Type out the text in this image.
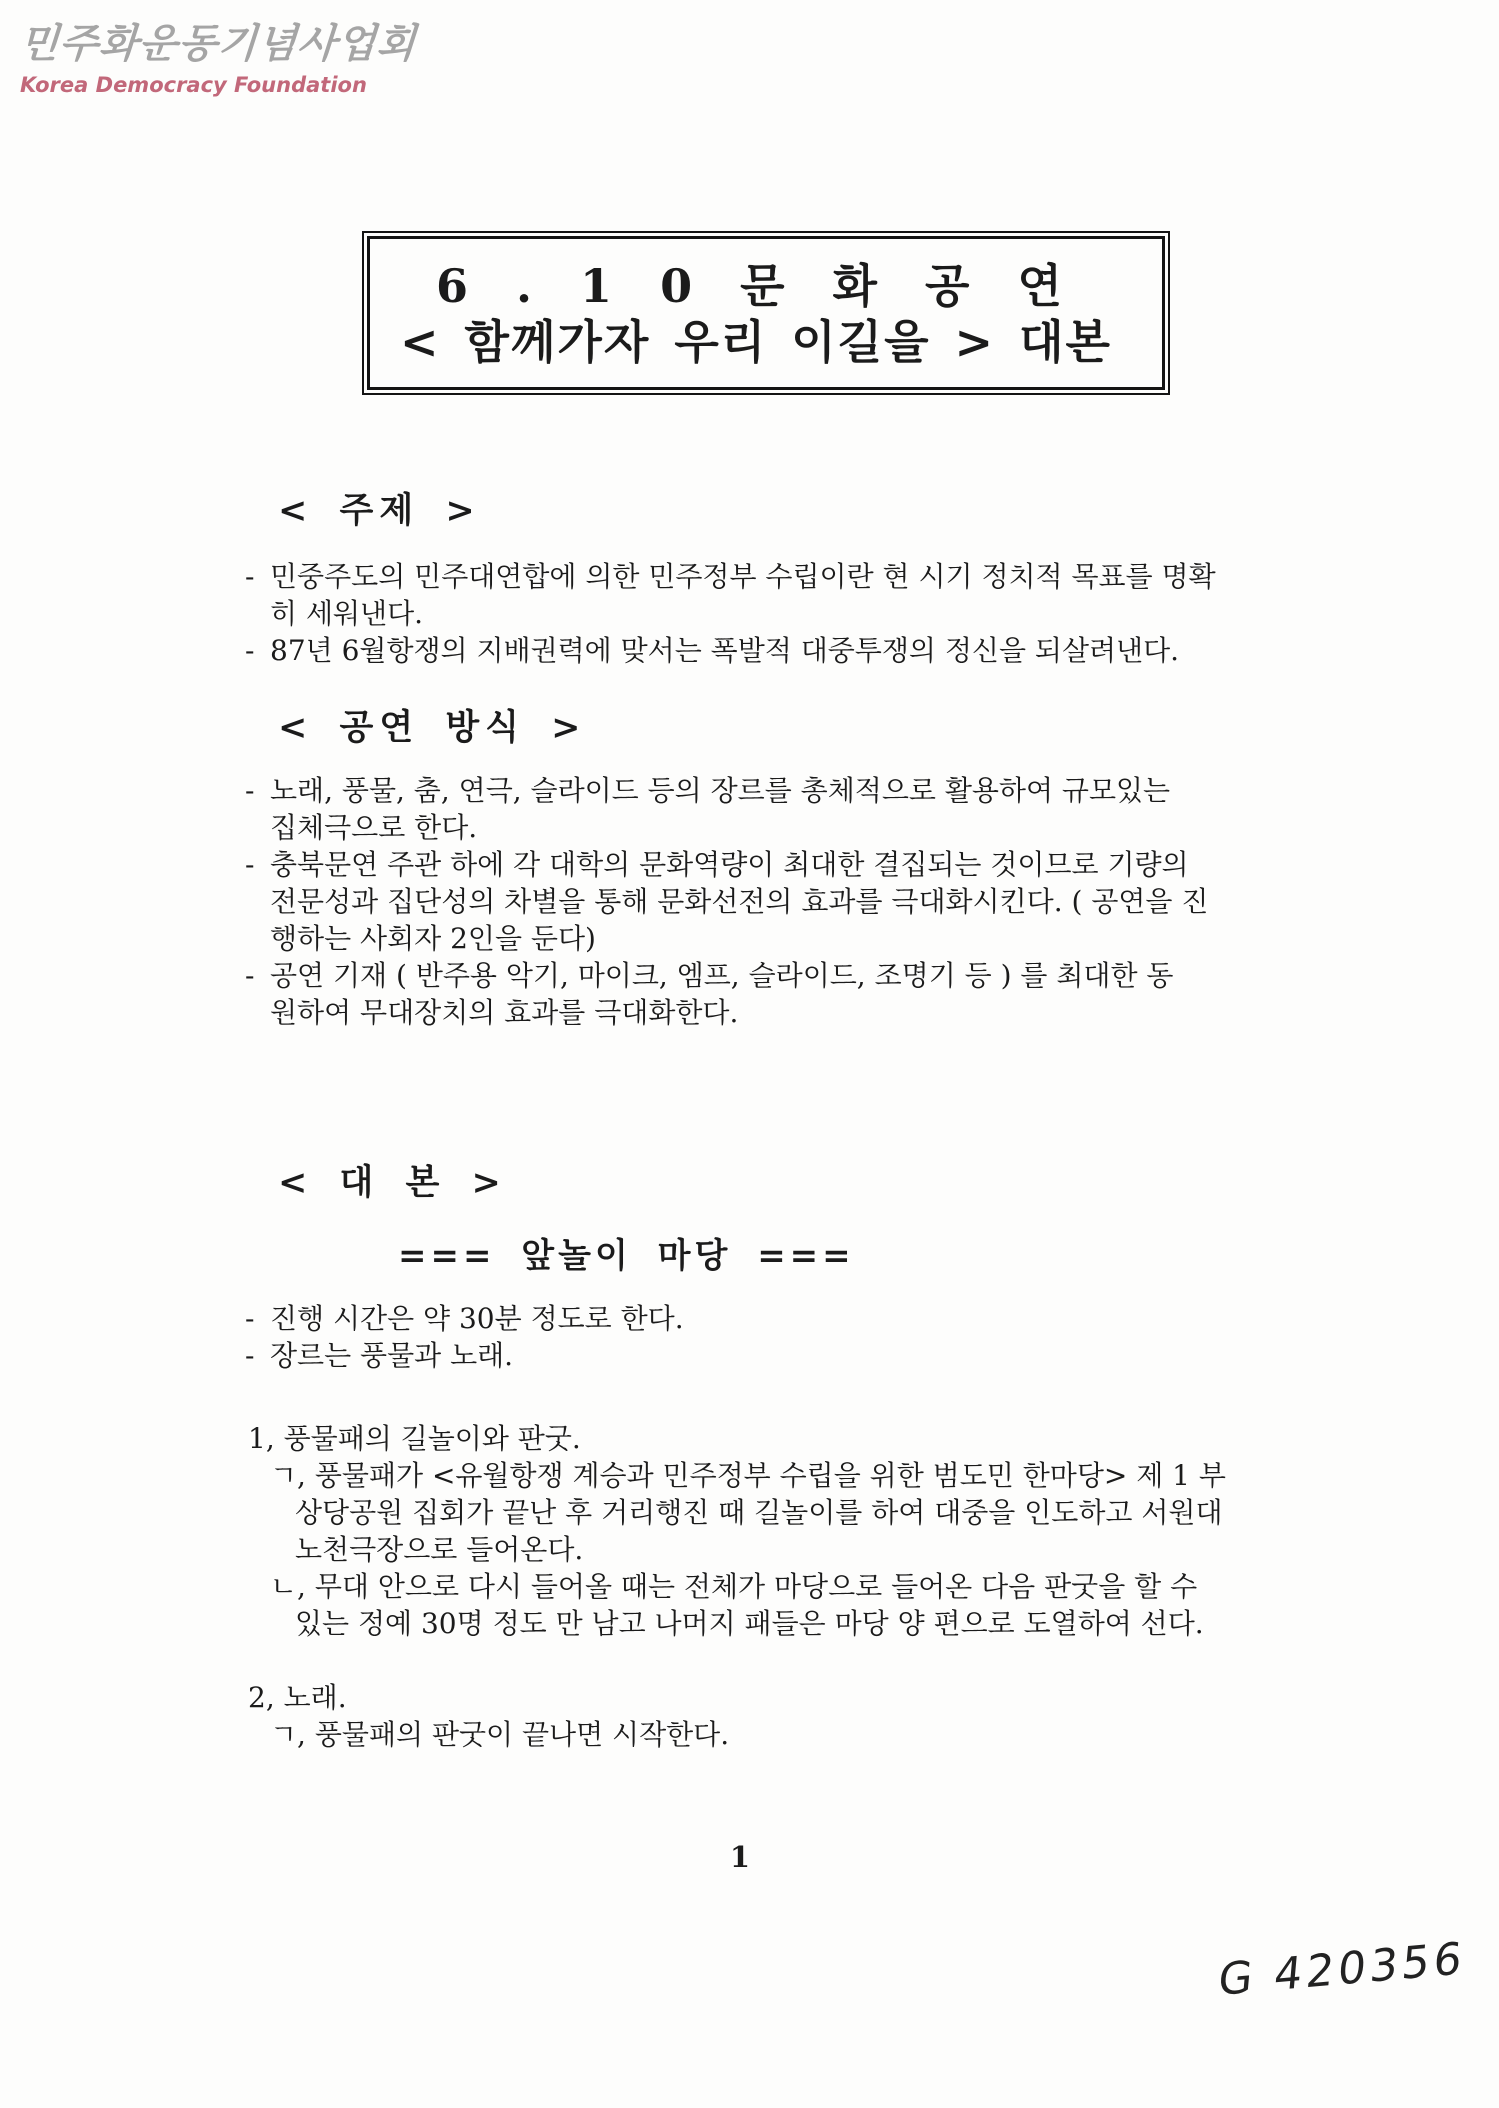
민주화운동기념사업회
Korea Democracy Foundation
6 . 1 0 문 화 공 연
< 함께가자 우리 이길을 > 대본
< 주제 >
- 민중주도의 민주대연합에 의한 민주정부 수립이란 현 시기 정치적 목표를 명확
히 세워낸다.
- 87년 6월항쟁의 지배권력에 맞서는 폭발적 대중투쟁의 정신을 되살려낸다.
< 공연 방식 >
- 노래, 풍물, 춤, 연극, 슬라이드 등의 장르를 총체적으로 활용하여 규모있는
집체극으로 한다.
- 충북문연 주관 하에 각 대학의 문화역량이 최대한 결집되는 것이므로 기량의
전문성과 집단성의 차별을 통해 문화선전의 효과를 극대화시킨다. ( 공연을 진
행하는 사회자 2인을 둔다)
- 공연 기재 ( 반주용 악기, 마이크, 엠프, 슬라이드, 조명기 등 ) 를 최대한 동
원하여 무대장치의 효과를 극대화한다.
< 대 본 >
=== 앞놀이 마당 ===
- 진행 시간은 약 30분 정도로 한다.
- 장르는 풍물과 노래.
1, 풍물패의 길놀이와 판굿.
ㄱ, 풍물패가 <유월항쟁 계승과 민주정부 수립을 위한 범도민 한마당> 제 1 부
상당공원 집회가 끝난 후 거리행진 때 길놀이를 하여 대중을 인도하고 서원대
노천극장으로 들어온다.
ㄴ, 무대 안으로 다시 들어올 때는 전체가 마당으로 들어온 다음 판굿을 할 수
있는 정예 30명 정도 만 남고 나머지 패들은 마당 양 편으로 도열하여 선다.
2, 노래.
ㄱ, 풍물패의 판굿이 끝나면 시작한다.
1
G 420356
